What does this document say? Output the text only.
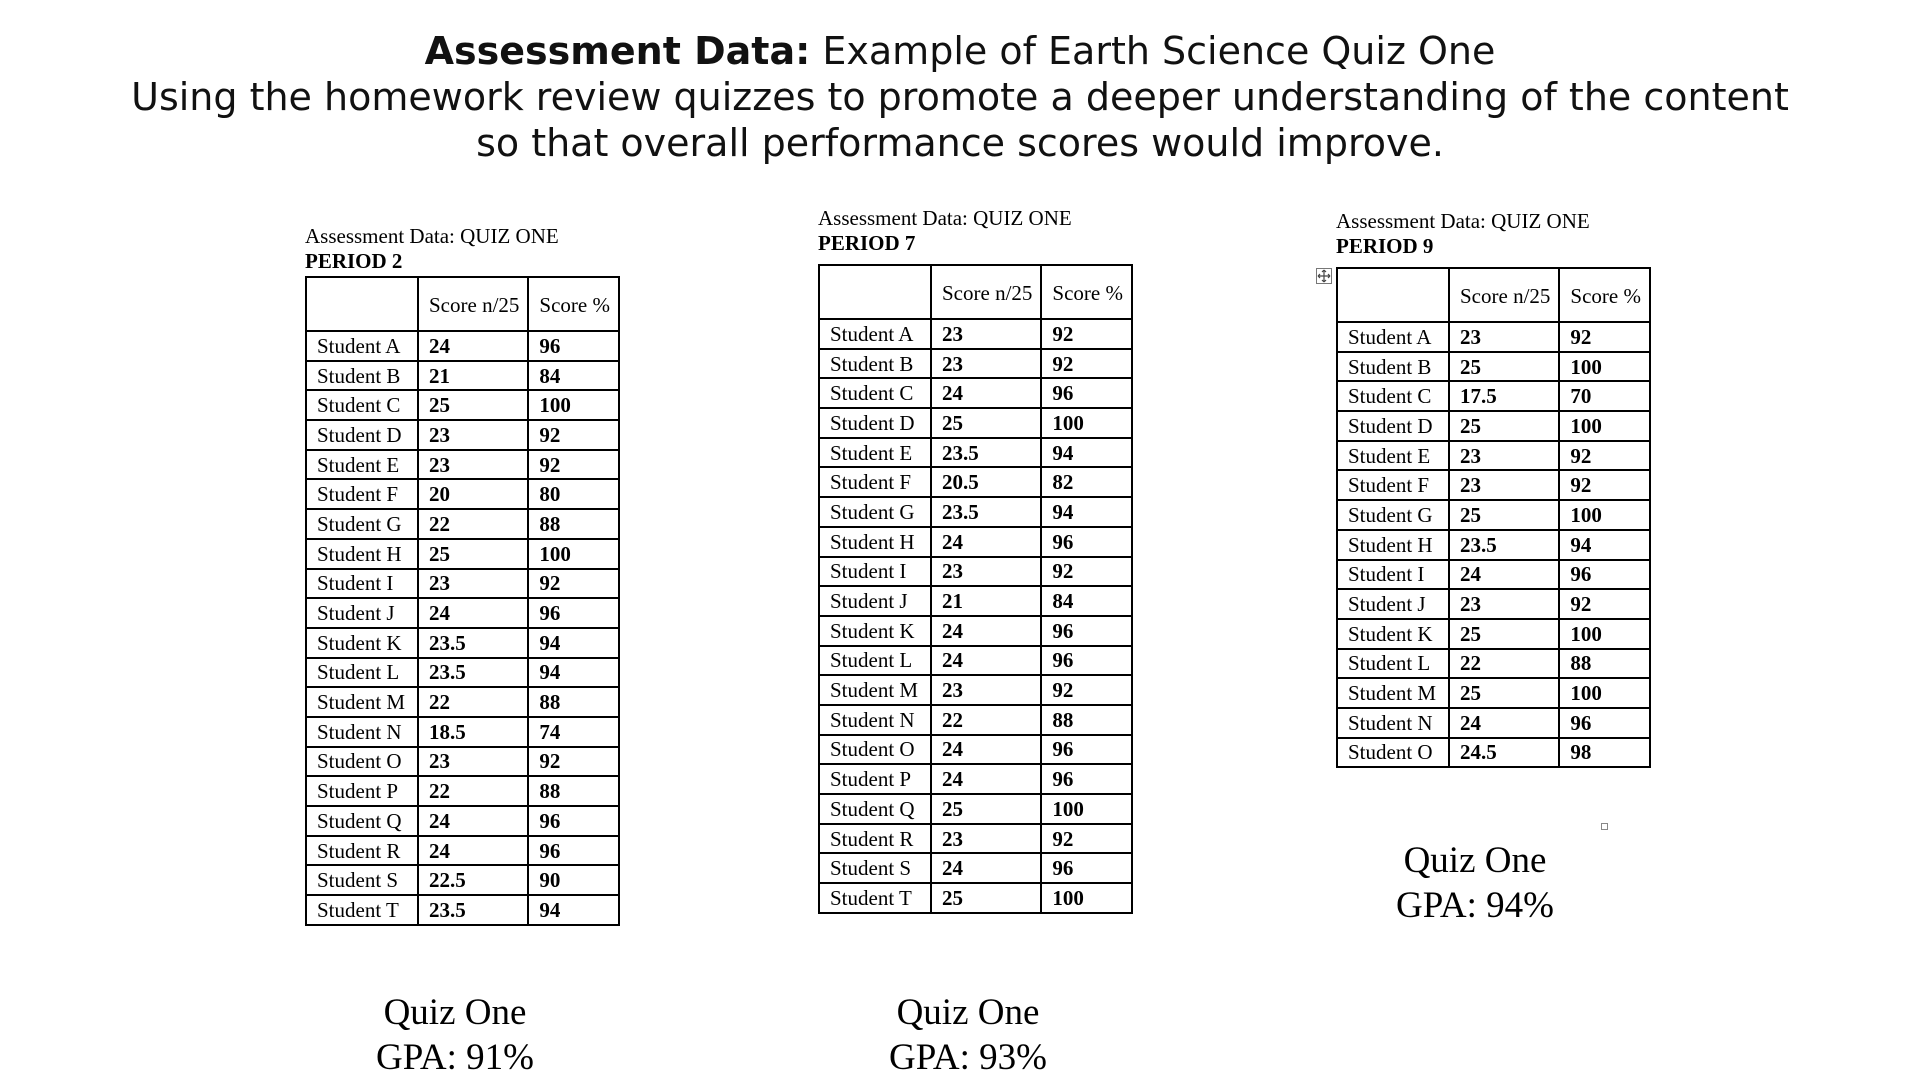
Assessment Data: Example of Earth Science Quiz One
Using the homework review quizzes to promote a deeper understanding of the content
so that overall performance scores would improve.
Assessment Data: QUIZ ONE
PERIOD 2
	Score n/25	Score %
Student A	24	96
Student B	21	84
Student C	25	100
Student D	23	92
Student E	23	92
Student F	20	80
Student G	22	88
Student H	25	100
Student I	23	92
Student J	24	96
Student K	23.5	94
Student L	23.5	94
Student M	22	88
Student N	18.5	74
Student O	23	92
Student P	22	88
Student Q	24	96
Student R	24	96
Student S	22.5	90
Student T	23.5	94
Quiz One
GPA: 91%
Assessment Data: QUIZ ONE
PERIOD 7
	Score n/25	Score %
Student A	23	92
Student B	23	92
Student C	24	96
Student D	25	100
Student E	23.5	94
Student F	20.5	82
Student G	23.5	94
Student H	24	96
Student I	23	92
Student J	21	84
Student K	24	96
Student L	24	96
Student M	23	92
Student N	22	88
Student O	24	96
Student P	24	96
Student Q	25	100
Student R	23	92
Student S	24	96
Student T	25	100
Quiz One
GPA: 93%
Assessment Data: QUIZ ONE
PERIOD 9
	Score n/25	Score %
Student A	23	92
Student B	25	100
Student C	17.5	70
Student D	25	100
Student E	23	92
Student F	23	92
Student G	25	100
Student H	23.5	94
Student I	24	96
Student J	23	92
Student K	25	100
Student L	22	88
Student M	25	100
Student N	24	96
Student O	24.5	98
Quiz One
GPA: 94%
